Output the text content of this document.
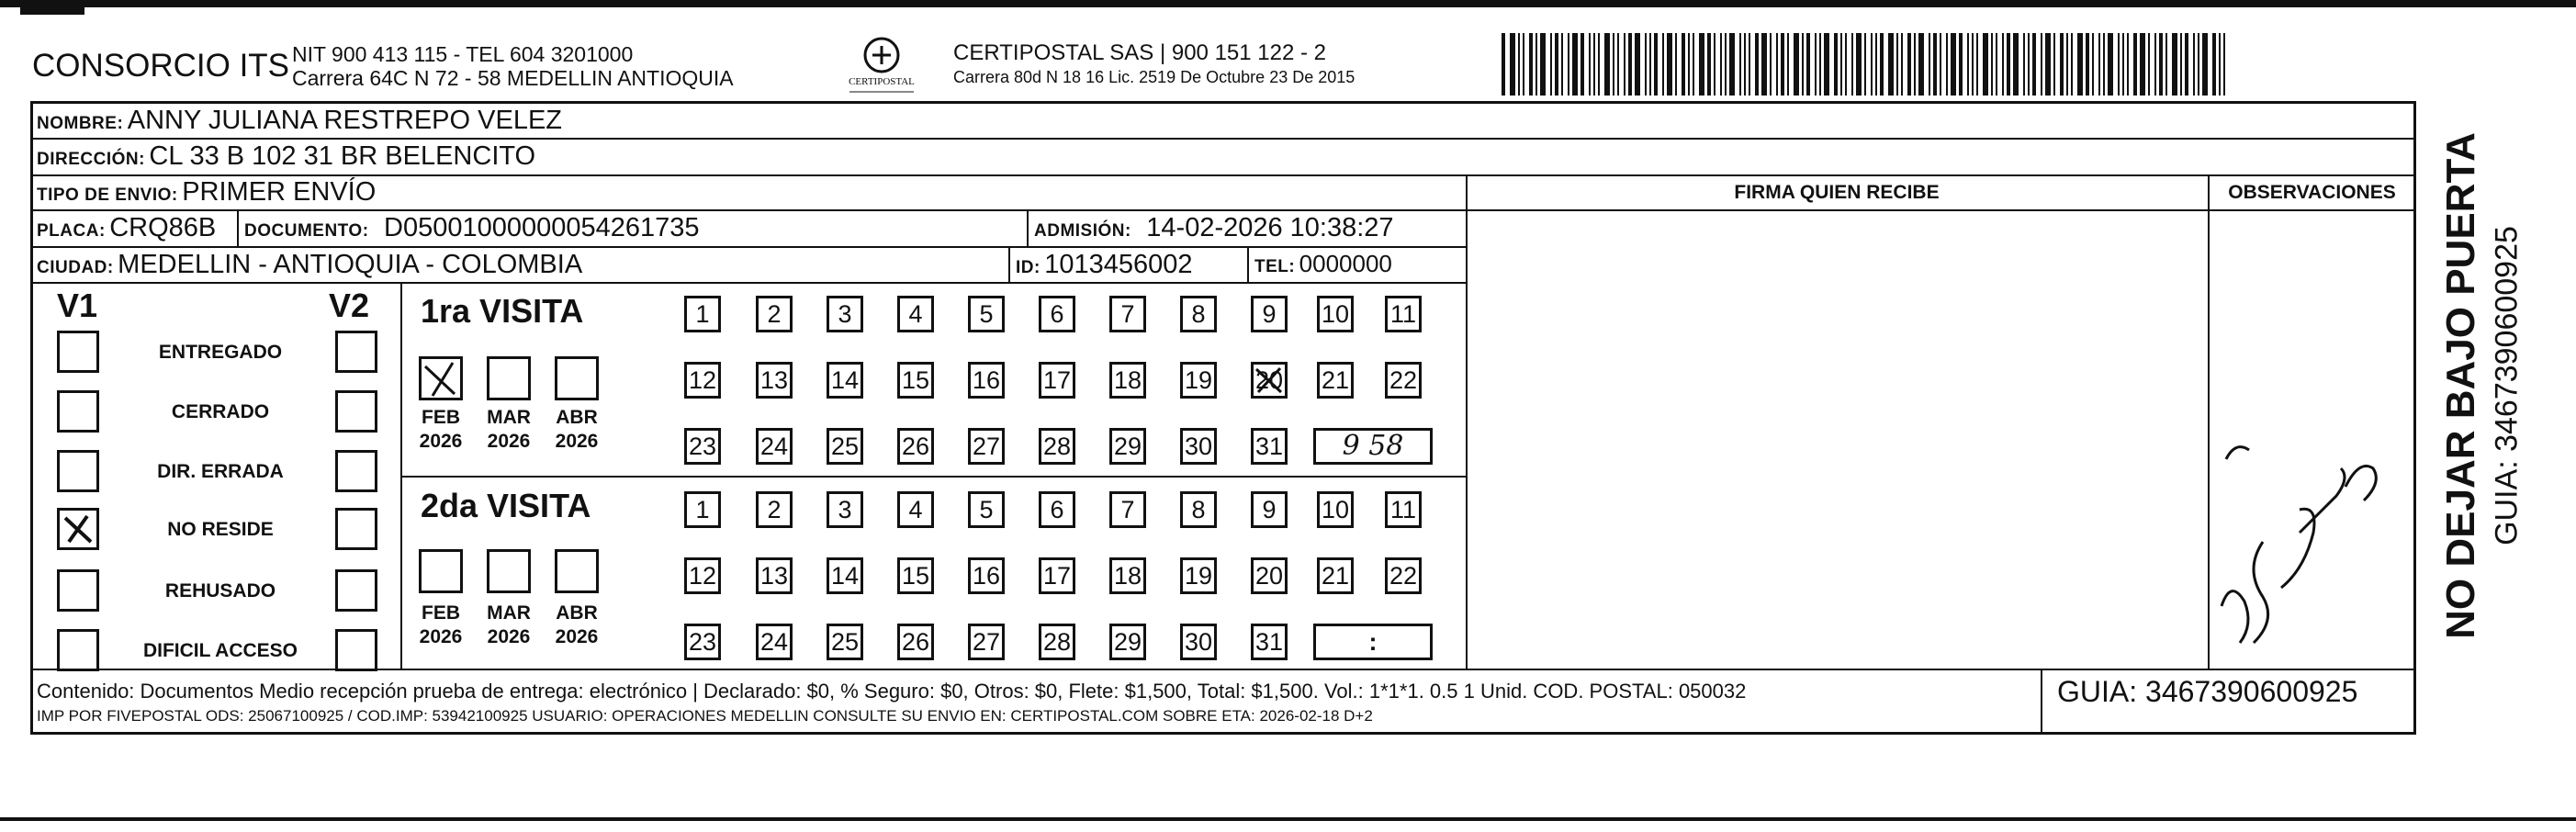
CONSORCIO ITS NIT 900 413 115 - TEL 604 3201000
Carrera 64C N 72 - 58 MEDELLIN ANTIOQUIA	CERTIPOSTAL
CERTIPOSTAL SAS | 900 151 122 - 2
Carrera 80d N 18 16 Lic. 2519 De Octubre 23 De 2015
NOMBRE: ANNY JULIANA RESTREPO VELEZ
DIRECCIÓN: CL 33 B 102 31 BR BELENCITO
TIPO DE ENVIO: PRIMER ENVÍO
PLACA: CRQ86B DOCUMENTO: D05001000000054261735	ADMISIÓN: 14-02-2026 10:38:27
CIUDAD: MEDELLIN - ANTIOQUIA - COLOMBIA	ID: 1013456002	TEL: 0000000
FIRMA QUIEN RECIBE	OBSERVACIONES
V1	V2
ENTREGADO
CERRADO
DIR. ERRADA
NO RESIDE
REHUSADO
DIFICIL ACCESO
1ra VISITA
2da VISITA
FEB
2026
MAR
2026
ABR
2026
FEB
2026
MAR
2026
ABR
2026
1	2	3	4	5	6	7	8	9	10 11
12 13 14 15 16 17 18 19 20 21 22
23 24 25 26 27 28 29 30 31	9 58
1	2	3	4	5	6	7	8	9	10 11
12 13 14 15 16 17 18 19 20 21 22
23 24 25 26 27 28 29 30 31	:
Contenido: Documentos Medio recepción prueba de entrega: electrónico | Declarado: $0, % Seguro: $0, Otros: $0, Flete: $1,500, Total: $1,500. Vol.: 1*1*1. 0.5 1 Unid. COD. POSTAL: 050032
IMP POR FIVEPOSTAL ODS: 25067100925 / COD.IMP: 53942100925 USUARIO: OPERACIONES MEDELLIN CONSULTE SU ENVIO EN: CERTIPOSTAL.COM SOBRE ETA: 2026-02-18 D+2
GUIA: 3467390600925
NO DEJAR BAJO PUERTA GUIA: 3467390600925
